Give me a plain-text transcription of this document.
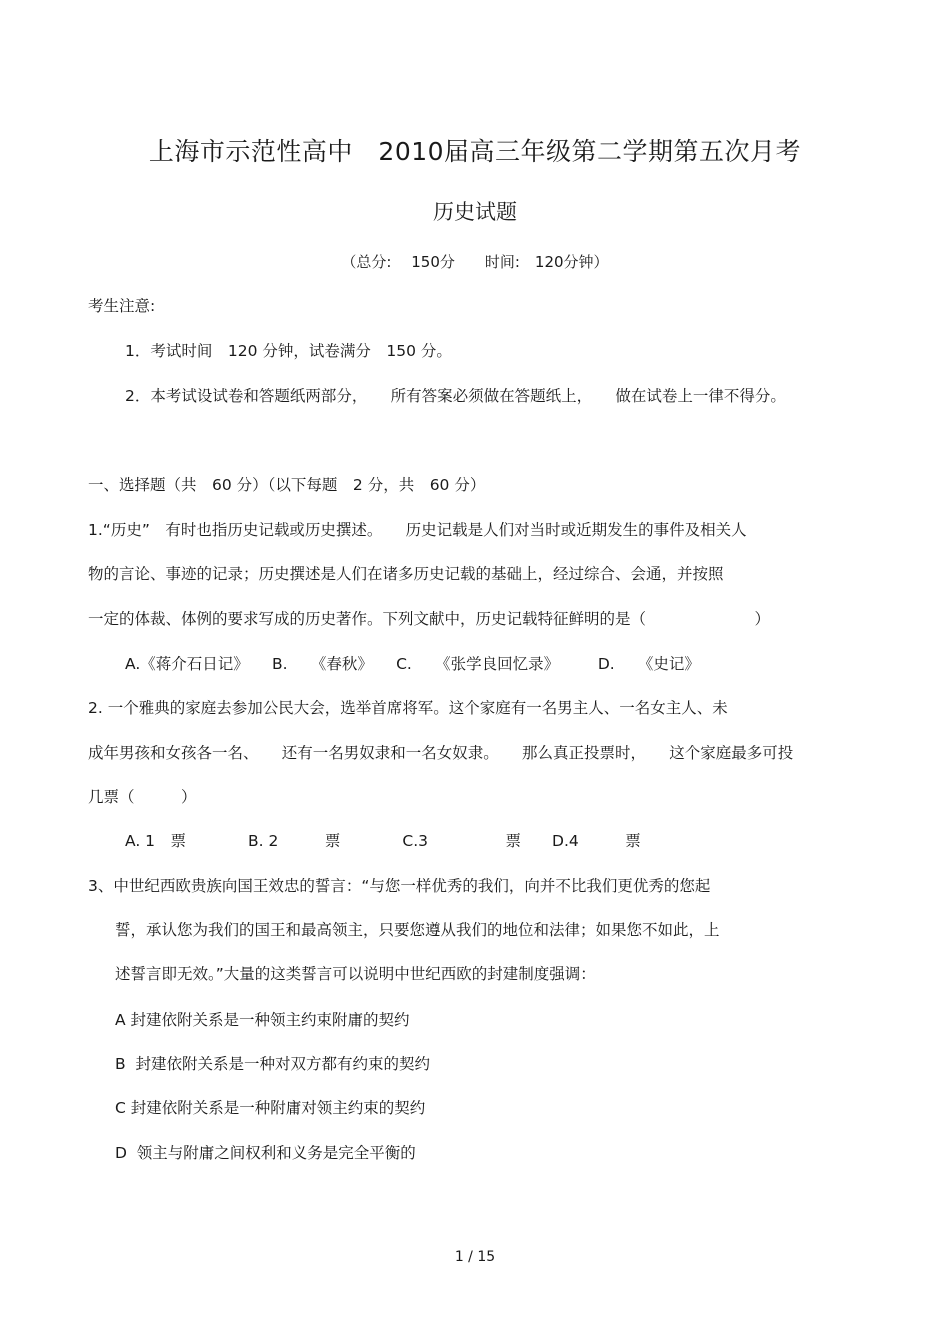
上海市示范性高中　2010届高三年级第二学期第五次月考
历史试题
（总分:　 150分　　时间:　120分钟）
考生注意:
1．考试时间　120 分钟，试卷满分　150 分。
2．本考试设试卷和答题纸两部分，　　所有答案必须做在答题纸上，　　做在试卷上一律不得分。
一、选择题（共　60 分）（以下每题　2 分，共　60 分）
1.“历史”　有时也指历史记载或历史撰述。　　历史记载是人们对当时或近期发生的事件及相关人
物的言论、事迹的记录；历史撰述是人们在诸多历史记载的基础上，经过综合、会通，并按照
一定的体裁、体例的要求写成的历史著作。下列文献中，历史记载特征鲜明的是（　　　　　　　）
A.《蒋介石日记》　　B.　　《春秋》　　C.　　《张学良回忆录》　　　D.　　《史记》
2. 一个雅典的家庭去参加公民大会，选举首席将军。这个家庭有一名男主人、一名女主人、未
成年男孩和女孩各一名、　　还有一名男奴隶和一名女奴隶。　　那么真正投票时，　　这个家庭最多可投
几票（　　　）
A. 1　票　　　　B. 2　　　票　　　　C.3　　　　　票　　D.4　　　票
3、中世纪西欧贵族向国王效忠的誓言：“与您一样优秀的我们，向并不比我们更优秀的您起
誓，承认您为我们的国王和最高领主，只要您遵从我们的地位和法律；如果您不如此，上
述誓言即无效。”大量的这类誓言可以说明中世纪西欧的封建制度强调：
A 封建依附关系是一种领主约束附庸的契约
B  封建依附关系是一种对双方都有约束的契约
C 封建依附关系是一种附庸对领主约束的契约
D  领主与附庸之间权利和义务是完全平衡的
1 / 15
